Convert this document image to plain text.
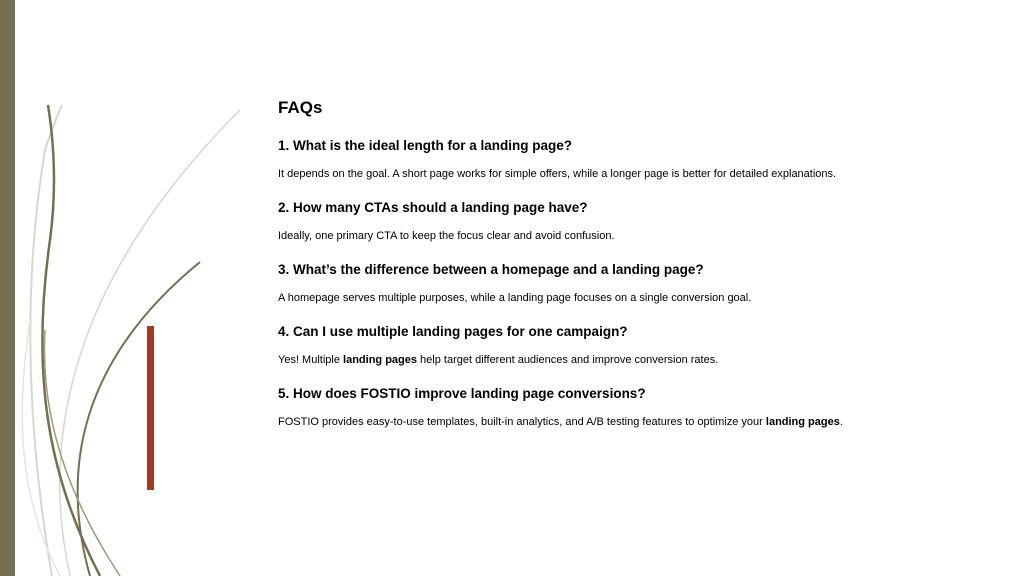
FAQs
1. What is the ideal length for a landing page?
It depends on the goal. A short page works for simple offers, while a longer page is better for detailed explanations.
2. How many CTAs should a landing page have?
Ideally, one primary CTA to keep the focus clear and avoid confusion.
3. What’s the difference between a homepage and a landing page?
A homepage serves multiple purposes, while a landing page focuses on a single conversion goal.
4. Can I use multiple landing pages for one campaign?
Yes! Multiple landing pages help target different audiences and improve conversion rates.
5. How does FOSTIO improve landing page conversions?
FOSTIO provides easy-to-use templates, built-in analytics, and A/B testing features to optimize your landing pages.
